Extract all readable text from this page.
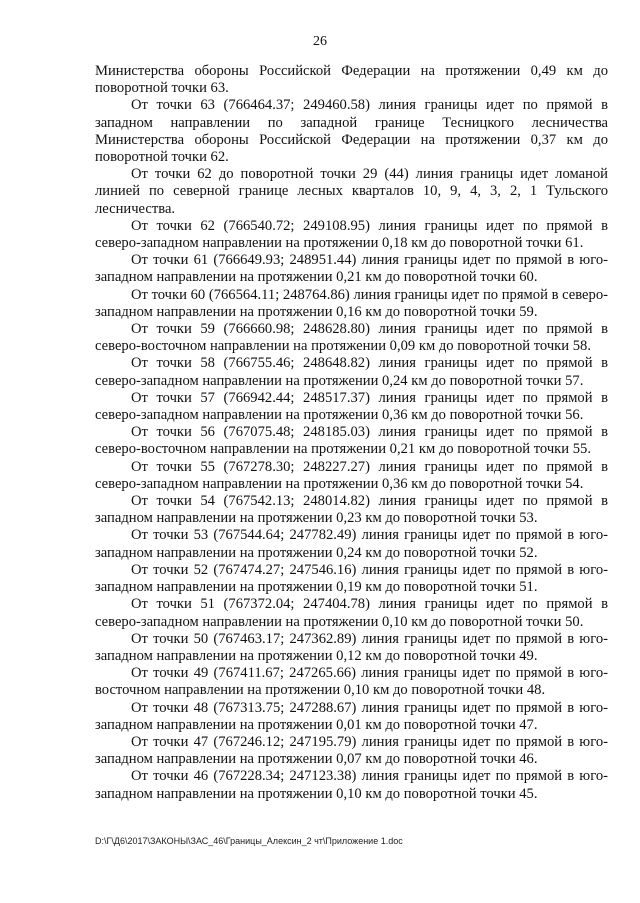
26

Министерства обороны Российской Федерации на протяжении 0,49 км до поворотной точки 63.

От точки 63 (766464.37; 249460.58) линия границы идет по прямой в западном направлении по западной границе Тесницкого лесничества Министерства обороны Российской Федерации на протяжении 0,37 км до поворотной точки 62.

От точки 62 до поворотной точки 29 (44) линия границы идет ломаной линией по северной границе лесных кварталов 10, 9, 4, 3, 2, 1 Тульского лесничества.

От точки 62 (766540.72; 249108.95) линия границы идет по прямой в северо-западном направлении на протяжении 0,18 км до поворотной точки 61.

От точки 61 (766649.93; 248951.44) линия границы идет по прямой в юго-западном направлении на протяжении 0,21 км до поворотной точки 60.

От точки 60 (766564.11; 248764.86) линия границы идет по прямой в северо-западном направлении на протяжении 0,16 км до поворотной точки 59.

От точки 59 (766660.98; 248628.80) линия границы идет по прямой в северо-восточном направлении на протяжении 0,09 км до поворотной точки 58.

От точки 58 (766755.46; 248648.82) линия границы идет по прямой в северо-западном направлении на протяжении 0,24 км до поворотной точки 57.

От точки 57 (766942.44; 248517.37) линия границы идет по прямой в северо-западном направлении на протяжении 0,36 км до поворотной точки 56.

От точки 56 (767075.48; 248185.03) линия границы идет по прямой в северо-восточном направлении на протяжении 0,21 км до поворотной точки 55.

От точки 55 (767278.30; 248227.27) линия границы идет по прямой в северо-западном направлении на протяжении 0,36 км до поворотной точки 54.

От точки 54 (767542.13; 248014.82) линия границы идет по прямой в западном направлении на протяжении 0,23 км до поворотной точки 53.

От точки 53 (767544.64; 247782.49) линия границы идет по прямой в юго-западном направлении на протяжении 0,24 км до поворотной точки 52.

От точки 52 (767474.27; 247546.16) линия границы идет по прямой в юго-западном направлении на протяжении 0,19 км до поворотной точки 51.

От точки 51 (767372.04; 247404.78) линия границы идет по прямой в северо-западном направлении на протяжении 0,10 км до поворотной точки 50.

От точки 50 (767463.17; 247362.89) линия границы идет по прямой в юго-западном направлении на протяжении 0,12 км до поворотной точки 49.

От точки 49 (767411.67; 247265.66) линия границы идет по прямой в юго-восточном направлении на протяжении 0,10 км до поворотной точки 48.

От точки 48 (767313.75; 247288.67) линия границы идет по прямой в юго-западном направлении на протяжении 0,01 км до поворотной точки 47.

От точки 47 (767246.12; 247195.79) линия границы идет по прямой в юго-западном направлении на протяжении 0,07 км до поворотной точки 46.

От точки 46 (767228.34; 247123.38) линия границы идет по прямой в юго-западном направлении на протяжении 0,10 км до поворотной точки 45.

D:\Г\Д6\2017\ЗАКОНЫ\ЗАС_46\Границы_Алексин_2 чт\Приложение 1.doc
